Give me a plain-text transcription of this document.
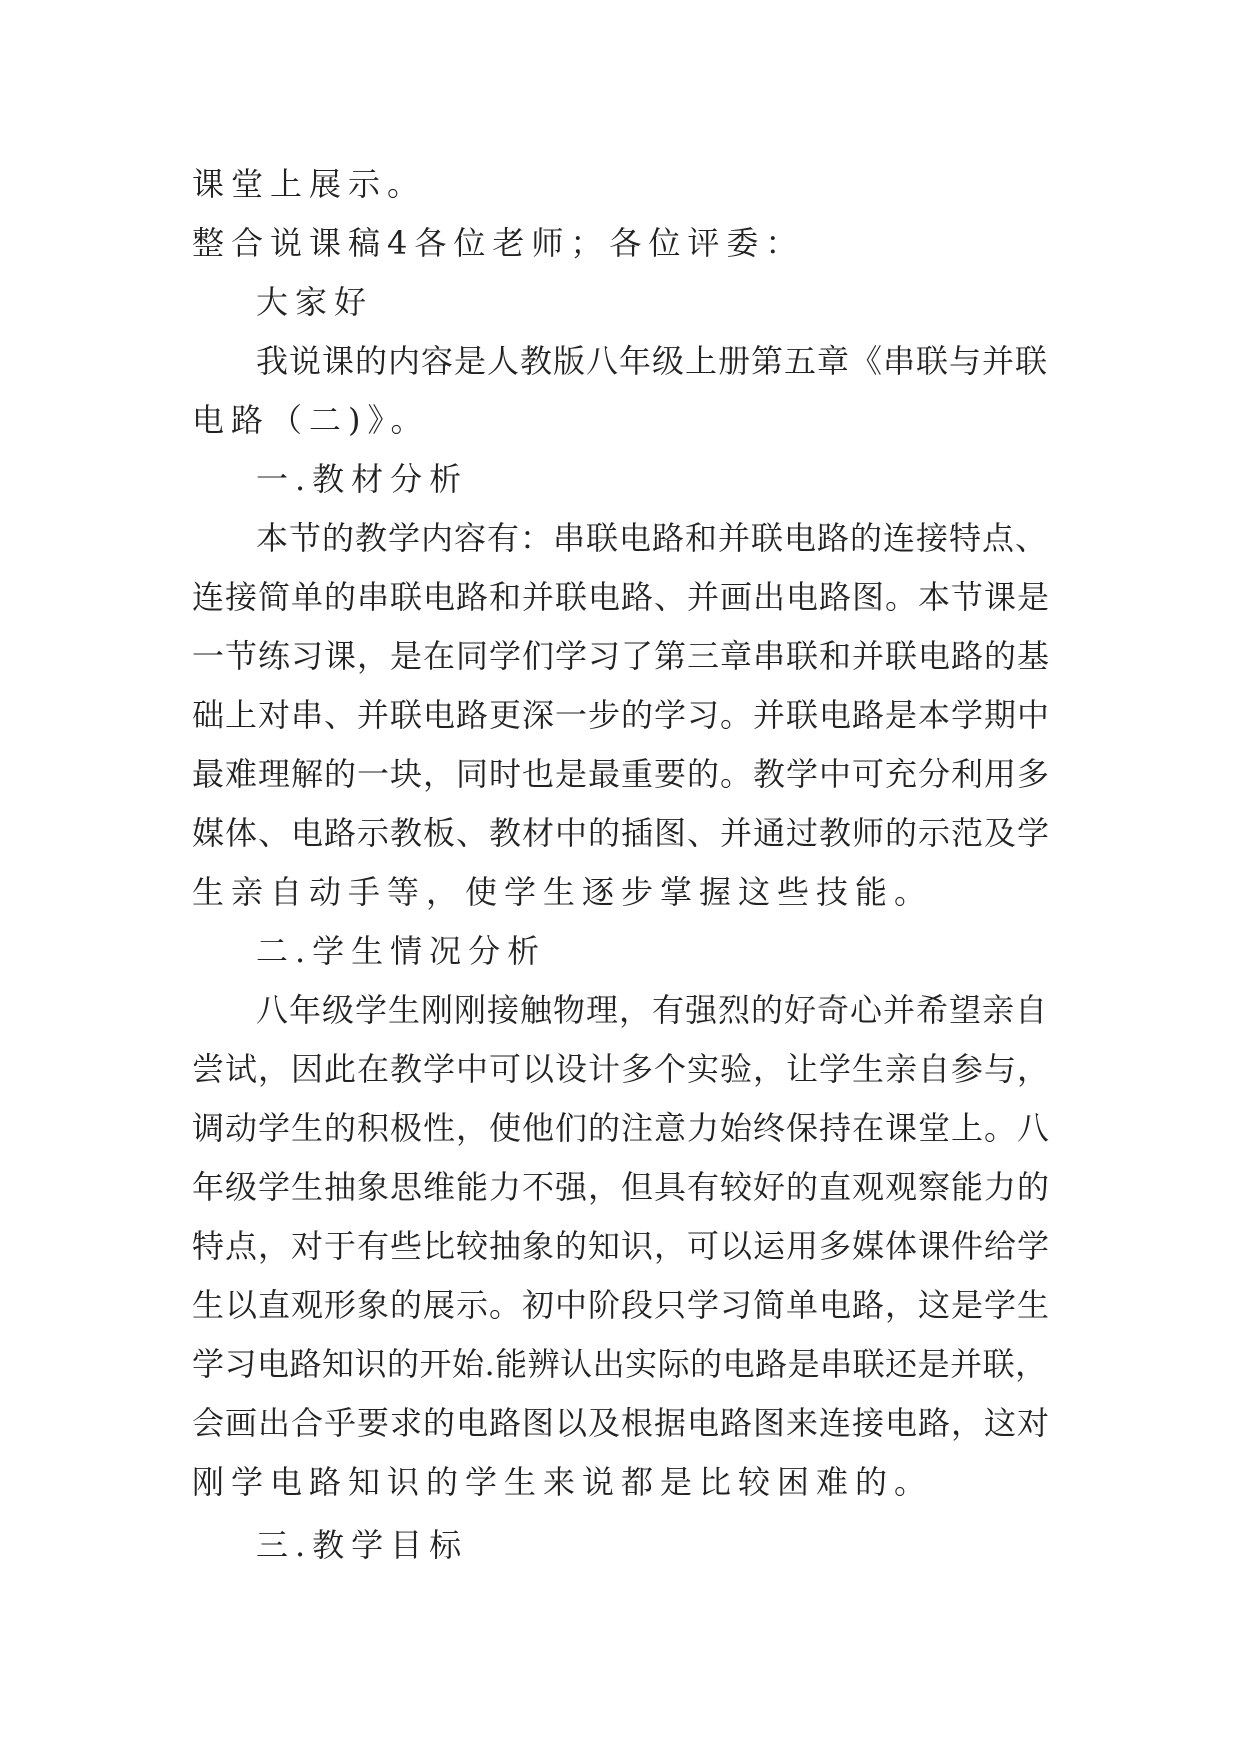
课堂上展示。
整合说课稿4各位老师；各位评委：
大家好
我说课的内容是人教版八年级上册第五章《串联与并联
电路（二)》。
一.教材分析
本节的教学内容有：串联电路和并联电路的连接特点、
连接简单的串联电路和并联电路、并画出电路图。本节课是
一节练习课，是在同学们学习了第三章串联和并联电路的基
础上对串、并联电路更深一步的学习。并联电路是本学期中
最难理解的一块，同时也是最重要的。教学中可充分利用多
媒体、电路示教板、教材中的插图、并通过教师的示范及学
生亲自动手等，使学生逐步掌握这些技能。
二.学生情况分析
八年级学生刚刚接触物理，有强烈的好奇心并希望亲自
尝试，因此在教学中可以设计多个实验，让学生亲自参与，
调动学生的积极性，使他们的注意力始终保持在课堂上。八
年级学生抽象思维能力不强，但具有较好的直观观察能力的
特点，对于有些比较抽象的知识，可以运用多媒体课件给学
生以直观形象的展示。初中阶段只学习简单电路，这是学生
学习电路知识的开始.能辨认出实际的电路是串联还是并联，
会画出合乎要求的电路图以及根据电路图来连接电路，这对
刚学电路知识的学生来说都是比较困难的。
三.教学目标
